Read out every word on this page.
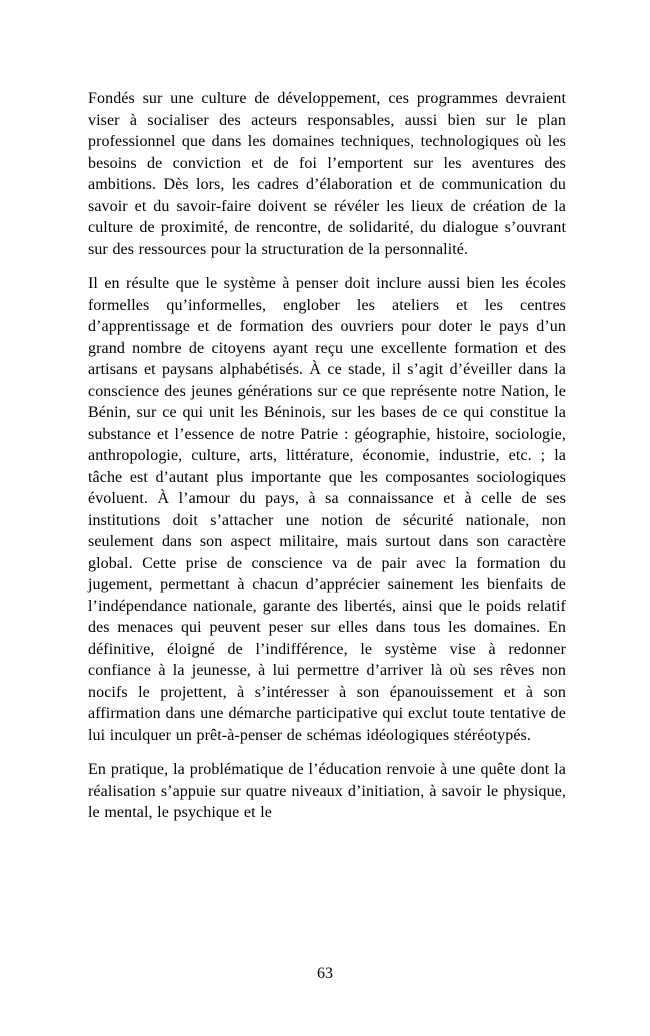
Fondés sur une culture de développement, ces programmes devraient viser à socialiser des acteurs responsables, aussi bien sur le plan professionnel que dans les domaines techniques, technologiques où les besoins de conviction et de foi l’emportent sur les aventures des ambitions. Dès lors, les cadres d’élaboration et de communication du savoir et du savoir-faire doivent se révéler les lieux de création de la culture de proximité, de rencontre, de solidarité, du dialogue s’ouvrant sur des ressources pour la structuration de la personnalité.

Il en résulte que le système à penser doit inclure aussi bien les écoles formelles qu’informelles, englober les ateliers et les centres d’apprentissage et de formation des ouvriers pour doter le pays d’un grand nombre de citoyens ayant reçu une excellente formation et des artisans et paysans alphabétisés. À ce stade, il s’agit d’éveiller dans la conscience des jeunes générations sur ce que représente notre Nation, le Bénin, sur ce qui unit les Béninois, sur les bases de ce qui constitue la substance et l’essence de notre Patrie : géographie, histoire, sociologie, anthropologie, culture, arts, littérature, économie, industrie, etc. ; la tâche est d’autant plus importante que les composantes sociologiques évoluent. À l’amour du pays, à sa connaissance et à celle de ses institutions doit s’attacher une notion de sécurité nationale, non seulement dans son aspect militaire, mais surtout dans son caractère global. Cette prise de conscience va de pair avec la formation du jugement, permettant à chacun d’apprécier sainement les bienfaits de l’indépendance nationale, garante des libertés, ainsi que le poids relatif des menaces qui peuvent peser sur elles dans tous les domaines. En définitive, éloigné de l’indifférence, le système vise à redonner confiance à la jeunesse, à lui permettre d’arriver là où ses rêves non nocifs le projettent, à s’intéresser à son épanouissement et à son affirmation dans une démarche participative qui exclut toute tentative de lui inculquer un prêt-à-penser de schémas idéologiques stéréotypés.

En pratique, la problématique de l’éducation renvoie à une quête dont la réalisation s’appuie sur quatre niveaux d’initiation, à savoir le physique, le mental, le psychique et le

63
